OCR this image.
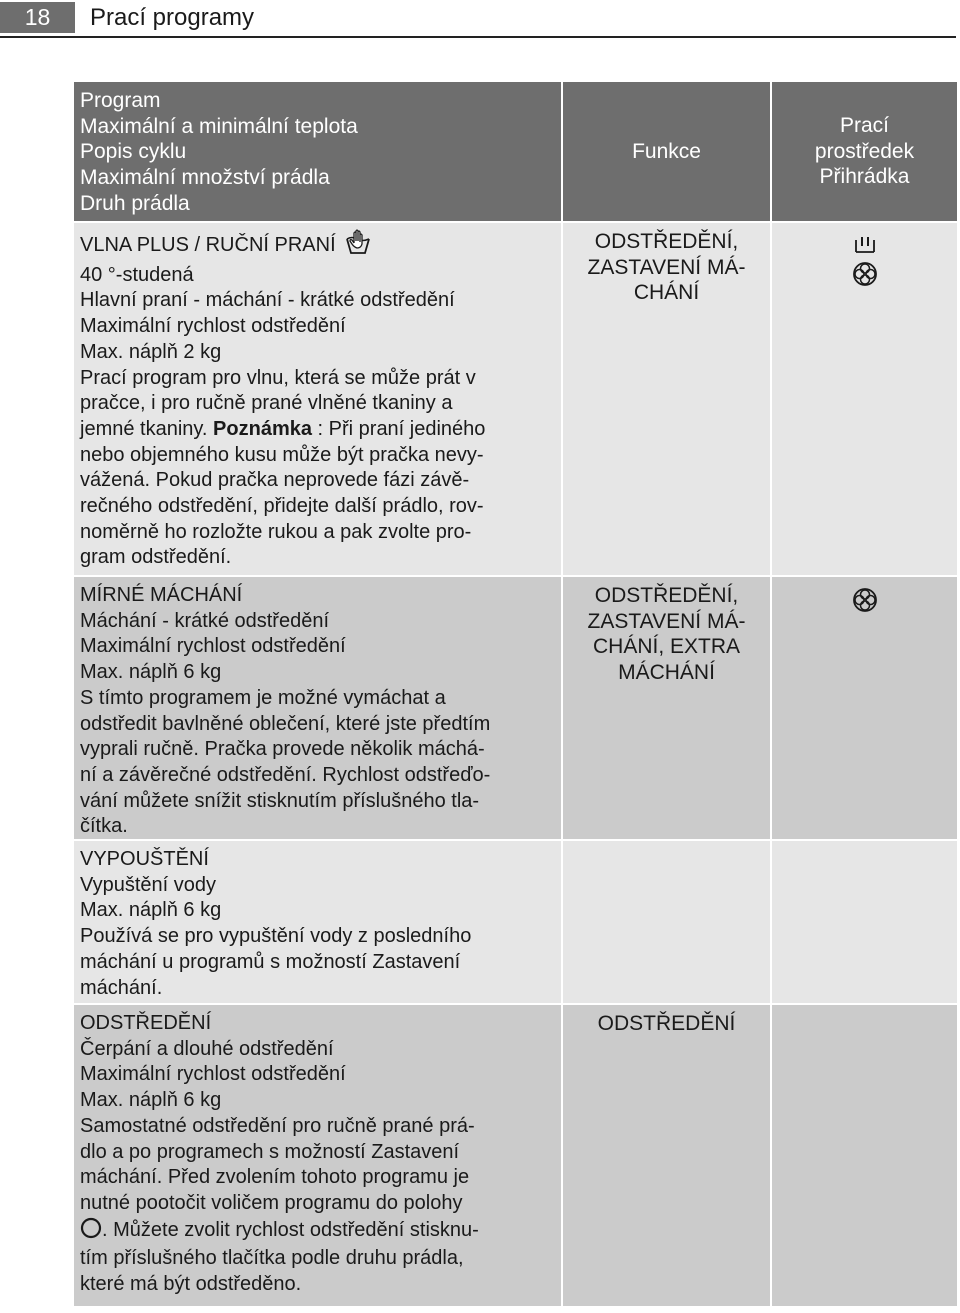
18	Prací programy
Program
Maximální a minimální teplota
Popis cyklu
Maximální množství prádla
Druh prádla
Funkce
Prací
prostředek
Přihrádka
VLNA PLUS / RUČNÍ PRANÍ
40 °-studená
Hlavní praní - máchání - krátké odstředění
Maximální rychlost odstředění
Max. náplň 2 kg
Prací program pro vlnu, která se může prát v
pračce, i pro ručně prané vlněné tkaniny a
jemné tkaniny. Poznámka : Při praní jediného
nebo objemného kusu může být pračka nevy-
vážená. Pokud pračka neprovede fázi závě-
rečného odstředění, přidejte další prádlo, rov-
noměrně ho rozložte rukou a pak zvolte pro-
gram odstředění.
ODSTŘEDĚNÍ,
ZASTAVENÍ MÁ-
CHÁNÍ
MÍRNÉ MÁCHÁNÍ
Máchání - krátké odstředění
Maximální rychlost odstředění
Max. náplň 6 kg
S tímto programem je možné vymáchat a
odstředit bavlněné oblečení, které jste předtím
vyprali ručně. Pračka provede několik máchá-
ní a závěrečné odstředění. Rychlost odstřeďo-
vání můžete snížit stisknutím příslušného tla-
čítka.
ODSTŘEDĚNÍ,
ZASTAVENÍ MÁ-
CHÁNÍ, EXTRA
MÁCHÁNÍ
VYPOUŠTĚNÍ
Vypuštění vody
Max. náplň 6 kg
Používá se pro vypuštění vody z posledního
máchání u programů s možností Zastavení
máchání.
ODSTŘEDĚNÍ
Čerpání a dlouhé odstředění
Maximální rychlost odstředění
Max. náplň 6 kg
Samostatné odstředění pro ručně prané prá-
dlo a po programech s možností Zastavení
máchání. Před zvolením tohoto programu je
nutné pootočit voličem programu do polohy
. Můžete zvolit rychlost odstředění stisknu-
tím příslušného tlačítka podle druhu prádla,
které má být odstředěno.
ODSTŘEDĚNÍ
